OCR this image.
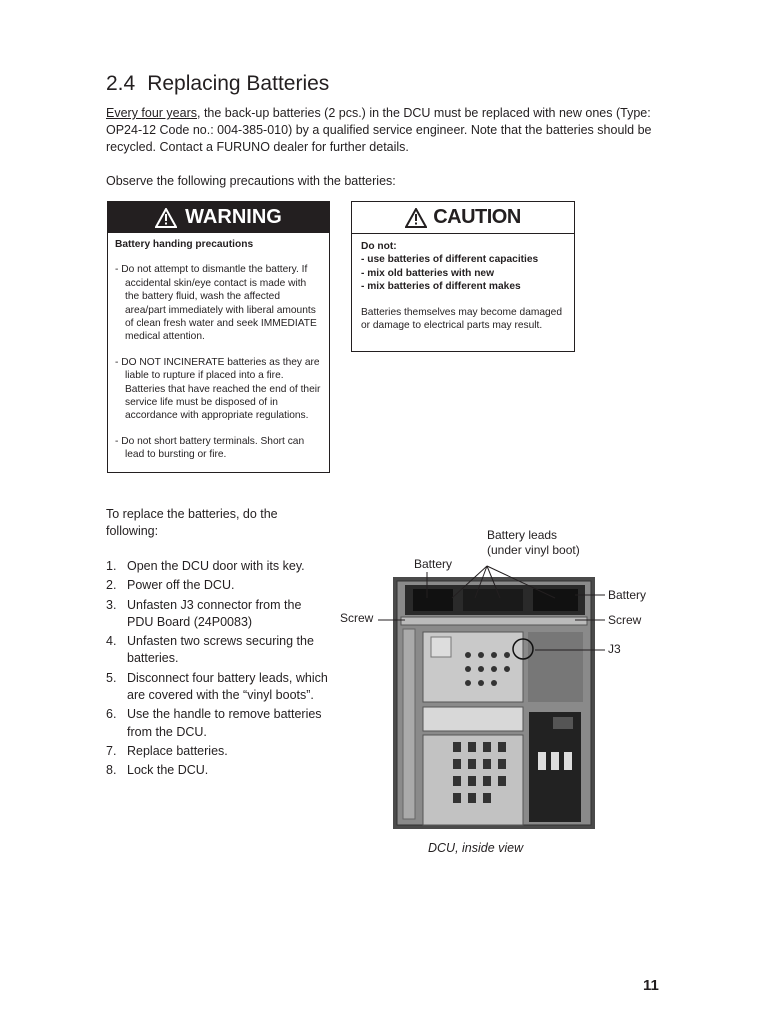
2.4 Replacing Batteries
Every four years, the back-up batteries (2 pcs.) in the DCU must be replaced with new ones (Type: OP24-12 Code no.: 004-385-010) by a qualified service engineer. Note that the batteries should be recycled. Contact a FURUNO dealer for further details.
Observe the following precautions with the batteries:
WARNING
Battery handing precautions
- Do not attempt to dismantle the battery. If accidental skin/eye contact is made with the battery fluid, wash the affected area/part immediately with liberal amounts of clean fresh water and seek IMMEDIATE medical attention.
- DO NOT INCINERATE batteries as they are liable to rupture if placed into a fire. Batteries that have reached the end of their service life must be disposed of in accordance with appropriate regulations.
- Do not short battery terminals. Short can lead to bursting or fire.
CAUTION
Do not:
- use batteries of different capacities
- mix old batteries with new
- mix batteries of different makes
Batteries themselves may become damaged or damage to electrical parts may result.
To replace the batteries, do the following:
1. Open the DCU door with its key.
2. Power off the DCU.
3. Unfasten J3 connector from the PDU Board (24P0083)
4. Unfasten two screws securing the batteries.
5. Disconnect four battery leads, which are covered with the “vinyl boots”.
6. Use the handle to remove batteries from the DCU.
7. Replace batteries.
8. Lock the DCU.
Battery leads
(under vinyl boot)
Battery
Battery
Screw	Screw
J3
DCU, inside view
11
